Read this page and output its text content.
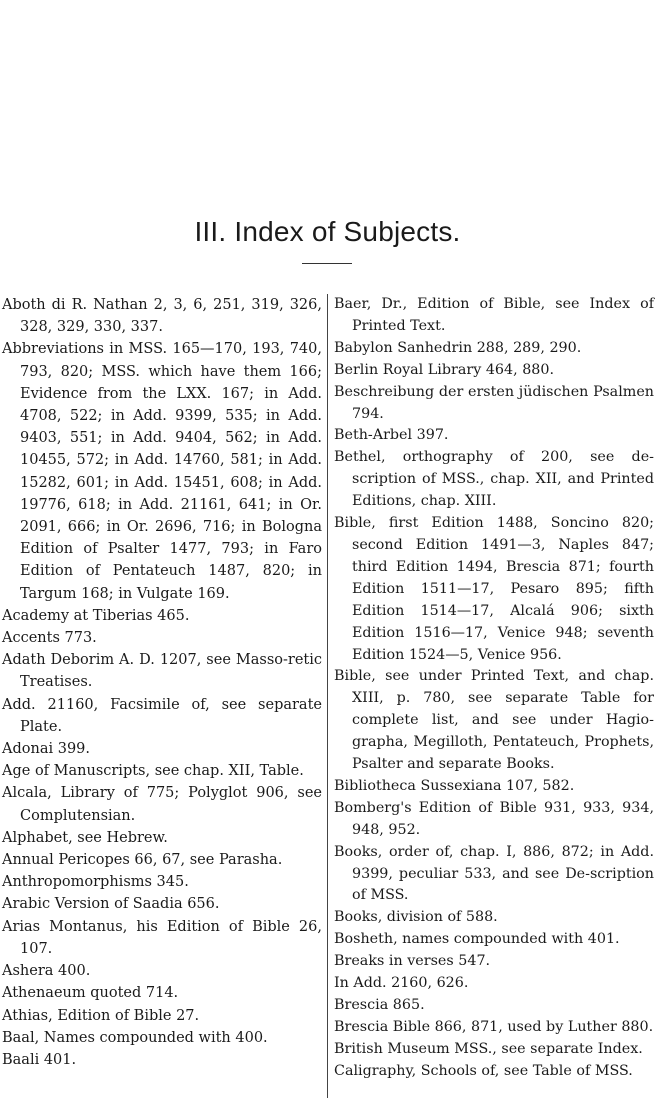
III. Index of Subjects.

Aboth di R. Nathan 2, 3, 6, 251, 319, 326, 328, 329, 330, 337.

Abbreviations in MSS. 165—170, 193, 740, 793, 820; MSS. which have them 166; Evidence from the LXX. 167; in Add. 4708, 522; in Add. 9399, 535; in Add. 9403, 551; in Add. 9404, 562; in Add. 10455, 572; in Add. 14760, 581; in Add. 15282, 601; in Add. 15451, 608; in Add. 19776, 618; in Add. 21161, 641; in Or. 2091, 666; in Or. 2696, 716; in Bologna Edition of Psalter 1477, 793; in Faro Edition of Pentateuch 1487, 820; in Targum 168; in Vulgate 169.

Academy at Tiberias 465.

Accents 773.

Adath Deborim A. D. 1207, see Masso-retic Treatises.

Add. 21160, Facsimile of, see separate Plate.

Adonai 399.

Age of Manuscripts, see chap. XII, Table.

Alcala, Library of 775; Polyglot 906, see Complutensian.

Alphabet, see Hebrew.

Annual Pericopes 66, 67, see Parasha.

Anthropomorphisms 345.

Arabic Version of Saadia 656.

Arias Montanus, his Edition of Bible 26, 107.

Ashera 400.

Athenaeum quoted 714.

Athias, Edition of Bible 27.

Baal, Names compounded with 400.

Baali 401.

Baer, Dr., Edition of Bible, see Index of Printed Text.

Babylon Sanhedrin 288, 289, 290.

Berlin Royal Library 464, 880.

Beschreibung der ersten jüdischen Psalmen 794.

Beth-Arbel 397.

Bethel, orthography of 200, see de-scription of MSS., chap. XII, and Printed Editions, chap. XIII.

Bible, first Edition 1488, Soncino 820; second Edition 1491—3, Naples 847; third Edition 1494, Brescia 871; fourth Edition 1511—17, Pesaro 895; fifth Edition 1514—17, Alcalá 906; sixth Edition 1516—17, Venice 948; seventh Edition 1524—5, Venice 956.

Bible, see under Printed Text, and chap. XIII, p. 780, see separate Table for complete list, and see under Hagio-grapha, Megilloth, Pentateuch, Prophets, Psalter and separate Books.

Bibliotheca Sussexiana 107, 582.

Bomberg's Edition of Bible 931, 933, 934, 948, 952.

Books, order of, chap. I, 886, 872; in Add. 9399, peculiar 533, and see De-scription of MSS.

Books, division of 588.

Bosheth, names compounded with 401.

Breaks in verses 547.

In Add. 2160, 626.

Brescia 865.

Brescia Bible 866, 871, used by Luther 880.

British Museum MSS., see separate Index.

Caligraphy, Schools of, see Table of MSS.
